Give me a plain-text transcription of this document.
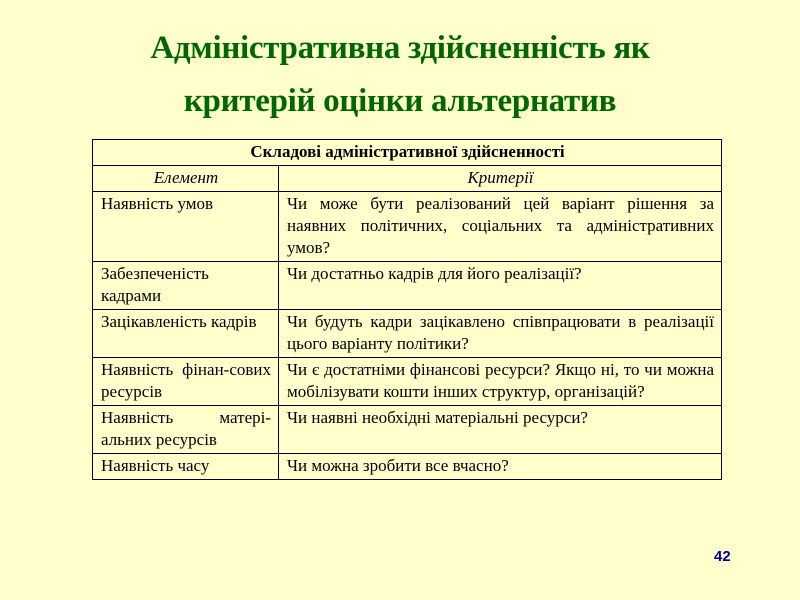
Адміністративна здійсненність як
критерій оцінки альтернатив
Складові адміністративної здійсненності	
Елемент	Критерії
Наявність умов	Чи може бути реалізований цей варіант рішення за наявних політичних, соціальних та адміністративних умов?
Забезпеченість кадрами	Чи достатньо кадрів для його реалізації?
Зацікавленість кадрів	Чи будуть кадри зацікавлено співпрацювати в реалізації цього варіанту політики?
Наявність фінан-сових ресурсів	Чи є достатніми фінансові ресурси? Якщо ні, то чи можна мобілізувати кошти інших структур, організацій?
Наявність матері-альних ресурсів	Чи наявні необхідні матеріальні ресурси?
Наявність часу	Чи можна зробити все вчасно?
42
